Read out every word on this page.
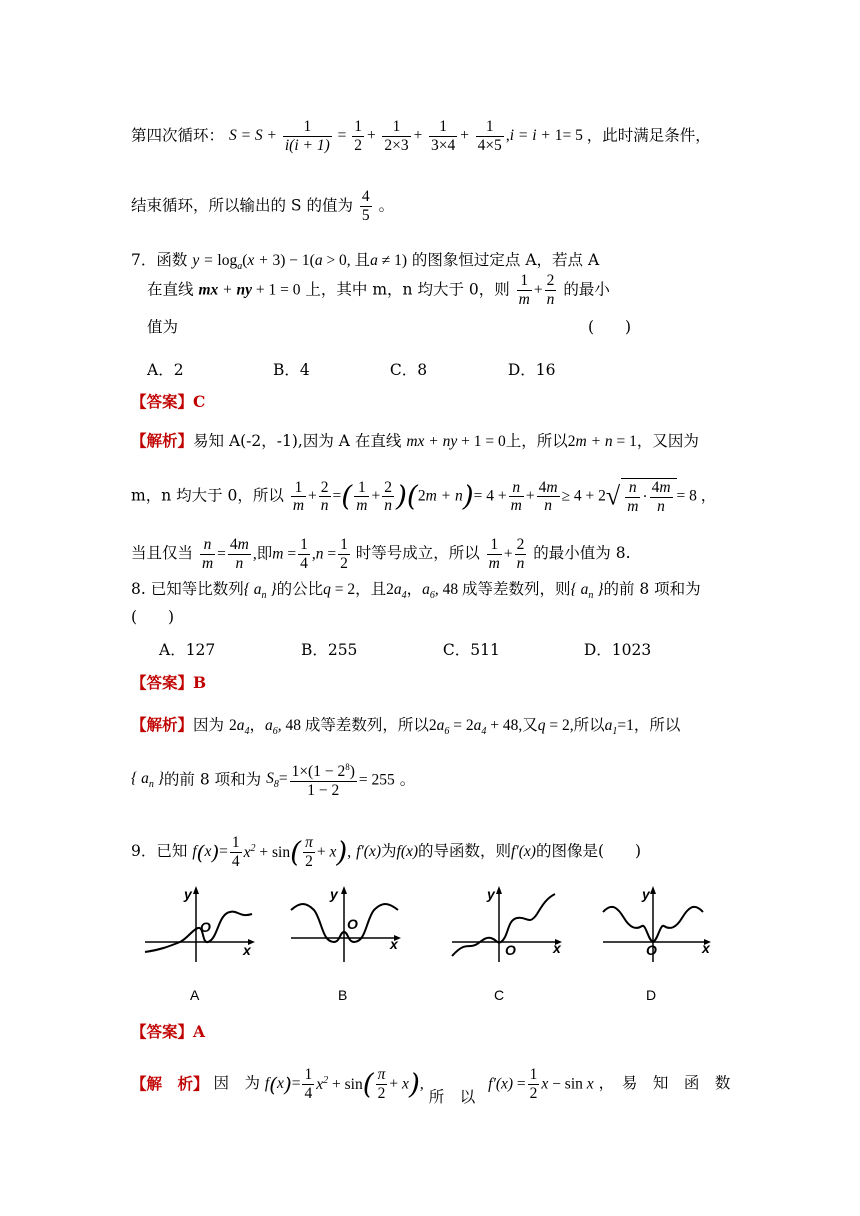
第四次循环： $S = S + \frac{1}{i(i + 1)} = \frac{1}{2} + \frac{1}{2\times 3} + \frac{1}{3\times 4} + \frac{1}{4\times 5} ,i = i + 1= 5$ ，此时满足条件，
结束循环，所以输出的 S 的值为 $\frac{4}{5}$ 。
7．函数 $y = \log_a(x + 3) - 1(a > 0$, 且a ≠ 1) 的图象恒过定点 A，若点 A
在直线 mx + ny + 1 = 0 上，其中 m，n 均大于 0，则 $\frac{1}{m} + \frac{2}{n}$ 的最小
值为	(　　)
A．2	B．4	C．8	D．16
【答案】C
【解析】易知 A(-2，-1),因为 A 在直线 mx + ny + 1 = 0上，所以2m + n = 1，又因为
m，n 均大于 0，所以 $\frac{1}{m} + \frac{2}{n}$ =( $\frac{1}{m} + \frac{2}{n} )(2m + n)= 4 + \frac{n}{m} + \frac{4m}{n} \ge 4 + 2√ \frac{n}{m} \cdot \frac{4m}{n} = 8$ ，
当且仅当 $\frac{n}{m} = \frac{4m}{n}$ ,即$m = \frac{1}{4} ,n = \frac{1}{2}$ 时等号成立，所以 $\frac{1}{m} + \frac{2}{n}$ 的最小值为 8.
8. 已知等比数列{ $a_n$ }的公比q = 2，且$2a_4$，$a_6$, 48 成等差数列，则{ $a_n$ }的前 8 项和为
(　　)
A．127	B．255	C．511	D．1023
【答案】B
【解析】因为 $2a_4$，$a_6$, 48 成等差数列，所以$2a_6 = 2a_4 + 48$,又q = 2,所以$a_1=1$，所以
{ $a_n$ }的前 8 项和为 $S_8= \frac{1\times(1 - 2^8)}{1 - 2} = 255$ 。
9．已知 $f(x)= \frac{1}{4} x^2 + \sin( \frac{\pi}{2} + x)$, f′(x)为f(x)的导函数，则f′(x)的图像是(　　)
y
O
x
A
y
O
x
B
y
O	x
C
y
O	x
D
【答案】A
【解　析】 因　为 $f(x)= \frac{1}{4} x^2 + \sin( \frac{\pi}{2} + x)$, 所　以 $f'(x) = \frac{1}{2}$ x − sin x ，　易　知　函　数
